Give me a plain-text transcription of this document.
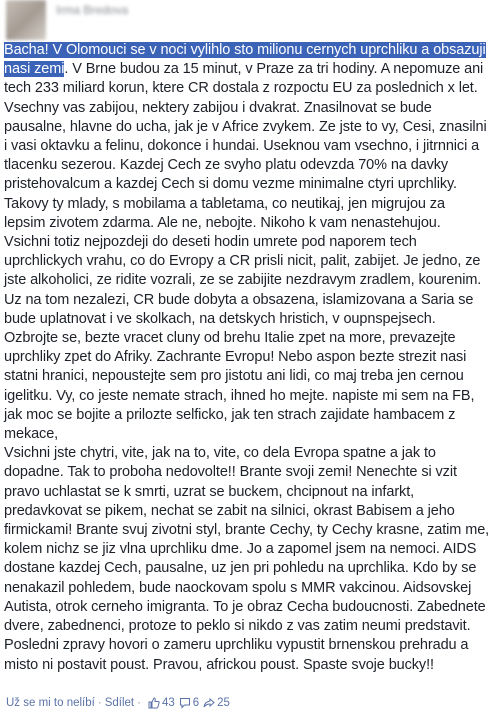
Irma Bredova
Bacha! V Olomouci se v noci vylihlo sto milionu cernych uprchliku a obsazuji nasi zemi. V Brne budou za 15 minut, v Praze za tri hodiny. A nepomuze ani
tech 233 miliard korun, ktere CR dostala z rozpoctu EU za poslednich x let.
Vsechny vas zabijou, nektery zabijou i dvakrat. Znasilnovat se bude
pausalne, hlavne do ucha, jak je v Africe zvykem. Ze jste to vy, Cesi, znasilni
i vasi oktavku a felinu, dokonce i hundai. Useknou vam vsechno, i jitrnnici a
tlacenku sezerou. Kazdej Cech ze svyho platu odevzda 70% na davky
pristehovalcum a kazdej Cech si domu vezme minimalne ctyri uprchliky.
Takovy ty mlady, s mobilama a tabletama, co neutikaj, jen migrujou za
lepsim zivotem zdarma. Ale ne, nebojte. Nikoho k vam nenastehujou.
Vsichni totiz nejpozdeji do deseti hodin umrete pod naporem tech
uprchlickych vrahu, co do Evropy a CR prisli nicit, palit, zabijet. Je jedno, ze
jste alkoholici, ze ridite vozrali, ze se zabijite nezdravym zradlem, kourenim.
Uz na tom nezalezi, CR bude dobyta a obsazena, islamizovana a Saria se
bude uplatnovat i ve skolkach, na detskych hristich, v oupnspejsech.
Ozbrojte se, bezte vracet cluny od brehu Italie zpet na more, prevazejte
uprchliky zpet do Afriky. Zachrante Evropu! Nebo aspon bezte strezit nasi
statni hranici, nepoustejte sem pro jistotu ani lidi, co maj treba jen cernou
igelitku. Vy, co jeste nemate strach, ihned ho mejte. napiste mi sem na FB,
jak moc se bojite a prilozte selficko, jak ten strach zajidate hambacem z
mekace,
Vsichni jste chytri, vite, jak na to, vite, co dela Evropa spatne a jak to
dopadne. Tak to proboha nedovolte!! Brante svoji zemi! Nenechte si vzit
pravo uchlastat se k smrti, uzrat se buckem, chcipnout na infarkt,
predavkovat se pikem, nechat se zabit na silnici, okrast Babisem a jeho
firmickami! Brante svuj zivotni styl, brante Cechy, ty Cechy krasne, zatim me,
kolem nichz se jiz vlna uprchliku dme. Jo a zapomel jsem na nemoci. AIDS
dostane kazdej Cech, pausalne, uz jen pri pohledu na uprchlika. Kdo by se
nenakazil pohledem, bude naockovam spolu s MMR vakcinou. Aidsovskej
Autista, otrok cerneho imigranta. To je obraz Cecha budoucnosti. Zabednete
dvere, zabednenci, protoze to peklo si nikdo z vas zatim neumi predstavit.
Posledni zpravy hovori o zameru uprchliku vypustit brnenskou prehradu a
misto ni postavit poust. Pravou, africkou poust. Spaste svoje bucky!!
Už se mi to nelíbí · Sdílet · 43 6 25
